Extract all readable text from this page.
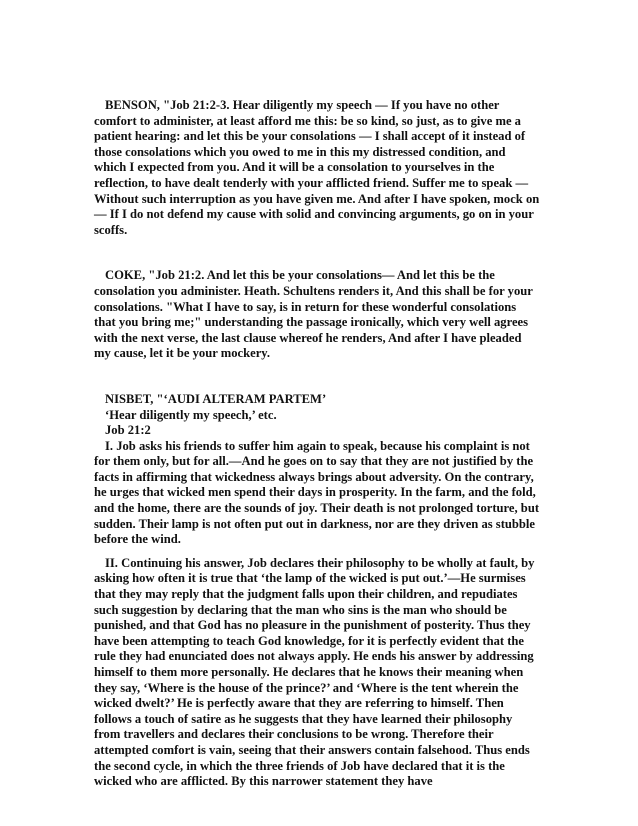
BENSON, "Job 21:2-3. Hear diligently my speech — If you have no other comfort to administer, at least afford me this: be so kind, so just, as to give me a patient hearing: and let this be your consolations — I shall accept of it instead of those consolations which you owed to me in this my distressed condition, and which I expected from you. And it will be a consolation to yourselves in the reflection, to have dealt tenderly with your afflicted friend. Suffer me to speak — Without such interruption as you have given me. And after I have spoken, mock on — If I do not defend my cause with solid and convincing arguments, go on in your scoffs.

COKE, "Job 21:2. And let this be your consolations— And let this be the consolation you administer. Heath. Schultens renders it, And this shall be for your consolations. "What I have to say, is in return for these wonderful consolations that you bring me;" understanding the passage ironically, which very well agrees with the next verse, the last clause whereof he renders, And after I have pleaded my cause, let it be your mockery.

NISBET, "‘AUDI ALTERAM PARTEM’

‘Hear diligently my speech,’ etc.

Job 21:2

I. Job asks his friends to suffer him again to speak, because his complaint is not for them only, but for all.—And he goes on to say that they are not justified by the facts in affirming that wickedness always brings about adversity. On the contrary, he urges that wicked men spend their days in prosperity. In the farm, and the fold, and the home, there are the sounds of joy. Their death is not prolonged torture, but sudden. Their lamp is not often put out in darkness, nor are they driven as stubble before the wind.

II. Continuing his answer, Job declares their philosophy to be wholly at fault, by asking how often it is true that ‘the lamp of the wicked is put out.’—He surmises that they may reply that the judgment falls upon their children, and repudiates such suggestion by declaring that the man who sins is the man who should be punished, and that God has no pleasure in the punishment of posterity. Thus they have been attempting to teach God knowledge, for it is perfectly evident that the rule they had enunciated does not always apply. He ends his answer by addressing himself to them more personally. He declares that he knows their meaning when they say, ‘Where is the house of the prince?’ and ‘Where is the tent wherein the wicked dwelt?’ He is perfectly aware that they are referring to himself. Then follows a touch of satire as he suggests that they have learned their philosophy from travellers and declares their conclusions to be wrong. Therefore their attempted comfort is vain, seeing that their answers contain falsehood. Thus ends the second cycle, in which the three friends of Job have declared that it is the wicked who are afflicted. By this narrower statement they have
